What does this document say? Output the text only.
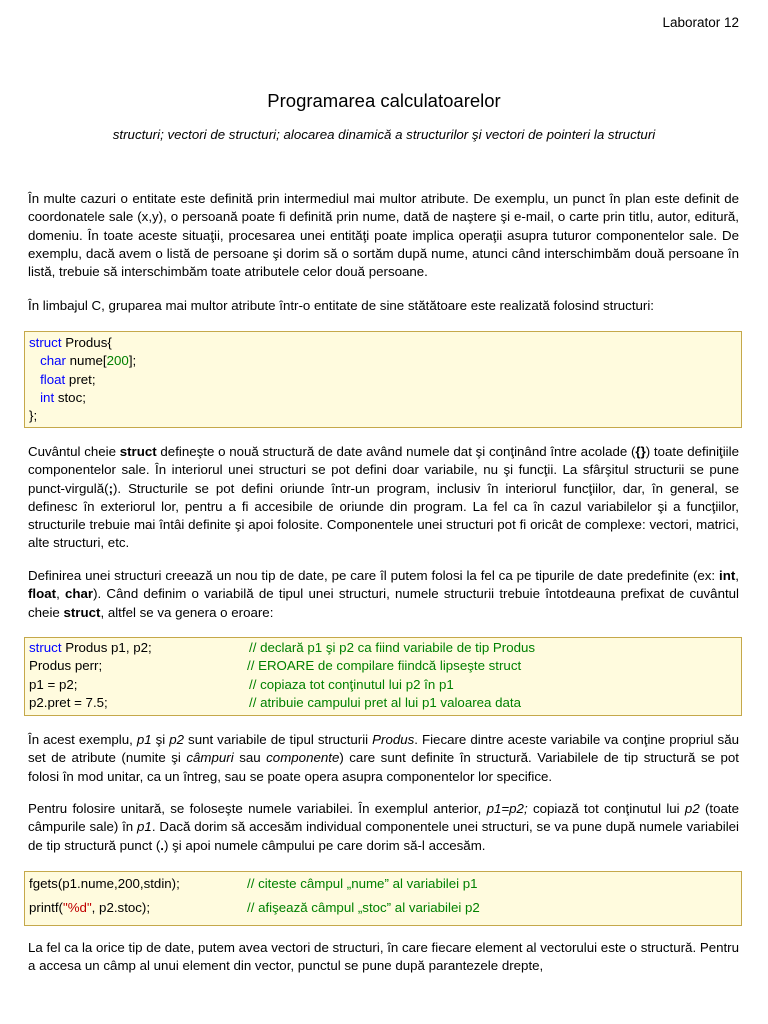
Laborator 12
Programarea calculatoarelor
structuri; vectori de structuri; alocarea dinamică a structurilor şi vectori de pointeri la structuri

În multe cazuri o entitate este definită prin intermediul mai multor atribute. De exemplu, un punct în plan este definit de coordonatele sale (x,y), o persoană poate fi definită prin nume, dată de naştere şi e-mail, o carte prin titlu, autor, editură, domeniu. În toate aceste situaţii, procesarea unei entităţi poate implica operaţii asupra tuturor componentelor sale. De exemplu, dacă avem o listă de persoane şi dorim să o sortăm după nume, atunci când interschimbăm două persoane în listă, trebuie să interschimbăm toate atributele celor două persoane.

În limbajul C, gruparea mai multor atribute într-o entitate de sine stătătoare este realizată folosind structuri:

struct Produs{
char nume[200];
float pret;
int stoc;
};

Cuvântul cheie struct defineşte o nouă structură de date având numele dat şi conţinând între acolade ({}) toate definiţiile componentelor sale. În interiorul unei structuri se pot defini doar variabile, nu şi funcţii. La sfârşitul structurii se pune punct-virgulă(;). Structurile se pot defini oriunde într-un program, inclusiv în interiorul funcţiilor, dar, în general, se definesc în exteriorul lor, pentru a fi accesibile de oriunde din program. La fel ca în cazul variabilelor şi a funcţiilor, structurile trebuie mai întâi definite şi apoi folosite. Componentele unei structuri pot fi oricât de complexe: vectori, matrici, alte structuri, etc.

Definirea unei structuri creează un nou tip de date, pe care îl putem folosi la fel ca pe tipurile de date predefinite (ex: int, float, char). Când definim o variabilă de tipul unei structuri, numele structurii trebuie întotdeauna prefixat de cuvântul cheie struct, altfel se va genera o eroare:

struct Produs p1, p2;	// declară p1 şi p2 ca fiind variabile de tip Produs
Produs perr;	// EROARE de compilare fiindcă lipseşte struct
p1 = p2;	// copiaza tot conţinutul lui p2 în p1
p2.pret = 7.5;	// atribuie campului pret al lui p1 valoarea data

În acest exemplu, p1 şi p2 sunt variabile de tipul structurii Produs. Fiecare dintre aceste variabile va conţine propriul său set de atribute (numite şi câmpuri sau componente) care sunt definite în structură. Variabilele de tip structură se pot folosi în mod unitar, ca un întreg, sau se poate opera asupra componentelor lor specifice.

Pentru folosire unitară, se foloseşte numele variabilei. În exemplul anterior, p1=p2; copiază tot conţinutul lui p2 (toate câmpurile sale) în p1. Dacă dorim să accesăm individual componentele unei structuri, se va pune după numele variabilei de tip structură punct (.) şi apoi numele câmpului pe care dorim să-l accesăm.

fgets(p1.nume,200,stdin);	// citeste câmpul „nume” al variabilei p1
printf("%d", p2.stoc);	// afişează câmpul „stoc” al variabilei p2

La fel ca la orice tip de date, putem avea vectori de structuri, în care fiecare element al vectorului este o structură. Pentru a accesa un câmp al unui element din vector, punctul se pune după parantezele drepte,
